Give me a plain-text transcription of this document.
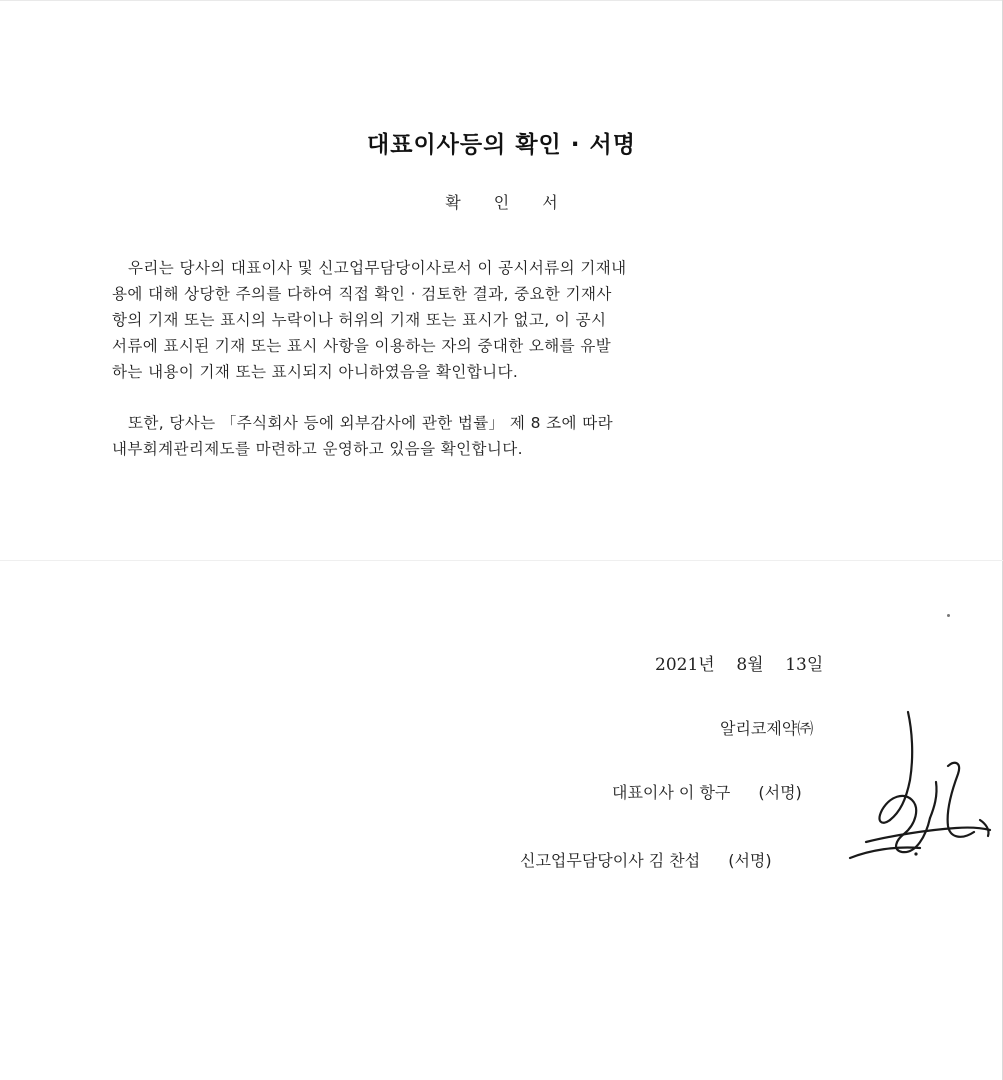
대표이사등의 확인 · 서명
확 인 서
우리는 당사의 대표이사 및 신고업무담당이사로서 이 공시서류의 기재내
용에 대해 상당한 주의를 다하여 직접 확인 · 검토한 결과, 중요한 기재사
항의 기재 또는 표시의 누락이나 허위의 기재 또는 표시가 없고, 이 공시
서류에 표시된 기재 또는 표시 사항을 이용하는 자의 중대한 오해를 유발
하는 내용이 기재 또는 표시되지 아니하였음을 확인합니다.
또한, 당사는 「주식회사 등에 외부감사에 관한 법률」 제 8 조에 따라
내부회계관리제도를 마련하고 운영하고 있음을 확인합니다.
2021년 8월 13일
알리코제약㈜
대표이사 이 항구 (서명)
신고업무담당이사 김 찬섭 (서명)
